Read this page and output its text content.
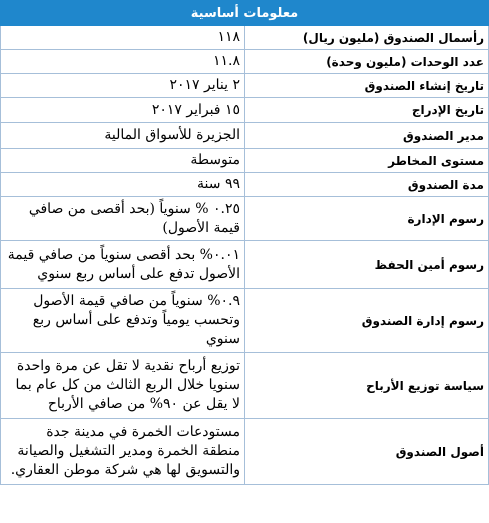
معلومات أساسية	
رأسمال الصندوق (مليون ريال)	١١٨
عدد الوحدات (مليون وحدة)	١١.٨
تاريخ إنشاء الصندوق	٢ يناير ٢٠١٧
تاريخ الإدراج	١٥ فبراير ٢٠١٧
مدير الصندوق	الجزيرة للأسواق المالية
مستوى المخاطر	متوسطة
مدة الصندوق	٩٩ سنة
رسوم الإدارة	٠.٢٥ % سنوياً (بحد أقصى من صافي قيمة الأصول)
رسوم أمين الحفظ	٠.٠١% بحد أقصى سنوياً من صافي قيمة الأصول تدفع على أساس ربع سنوي
رسوم إدارة الصندوق	٠.٩% سنوياً من صافي قيمة الأصول وتحسب يومياً وتدفع على أساس ربع سنوي
سياسة توزيع الأرباح	توزيع أرباح نقدية لا تقل عن مرة واحدة سنويا خلال الربع الثالث من كل عام بما لا يقل عن ٩٠% من صافي الأرباح
أصول الصندوق	مستودعات الخمرة في مدينة جدة منطقة الخمرة ومدير التشغيل والصيانة والتسويق لها هي شركة موطن العقاري.
